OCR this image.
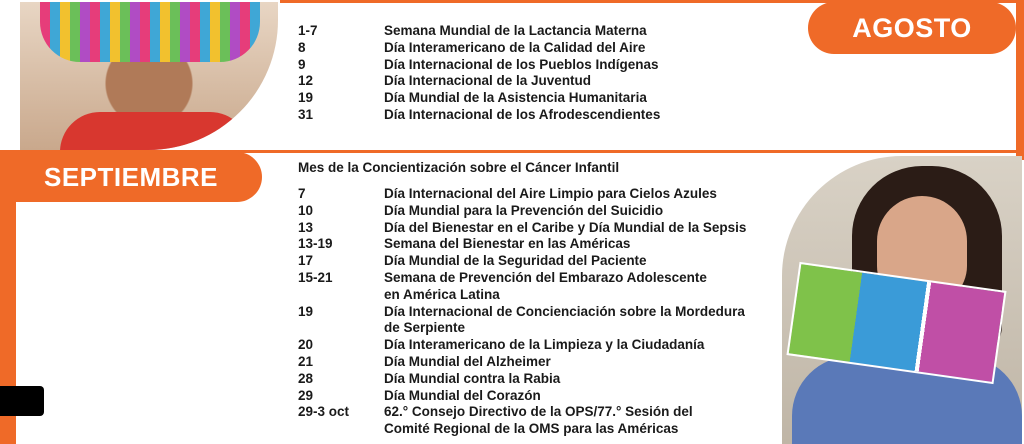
AGOSTO
1-7	Semana Mundial de la Lactancia Materna
8	Día Interamericano de la Calidad del Aire
9	Día Internacional de los Pueblos Indígenas
12	Día Internacional de la Juventud
19	Día Mundial de la Asistencia Humanitaria
31	Día Internacional de los Afrodescendientes
SEPTIEMBRE	Mes de la Concientización sobre el Cáncer Infantil
7	Día Internacional del Aire Limpio para Cielos Azules
10	Día Mundial para la Prevención del Suicidio
13	Día del Bienestar en el Caribe y Día Mundial de la Sepsis
13-19	Semana del Bienestar en las Américas
17	Día Mundial de la Seguridad del Paciente
15-21	Semana de Prevención del Embarazo Adolescente
en América Latina
19	Día Internacional de Concienciación sobre la Mordedura
de Serpiente
20	Día Interamericano de la Limpieza y la Ciudadanía
21	Día Mundial del Alzheimer
28	Día Mundial contra la Rabia
29	Día Mundial del Corazón
29-3 oct	62.° Consejo Directivo de la OPS/77.° Sesión del
Comité Regional de la OMS para las Américas
